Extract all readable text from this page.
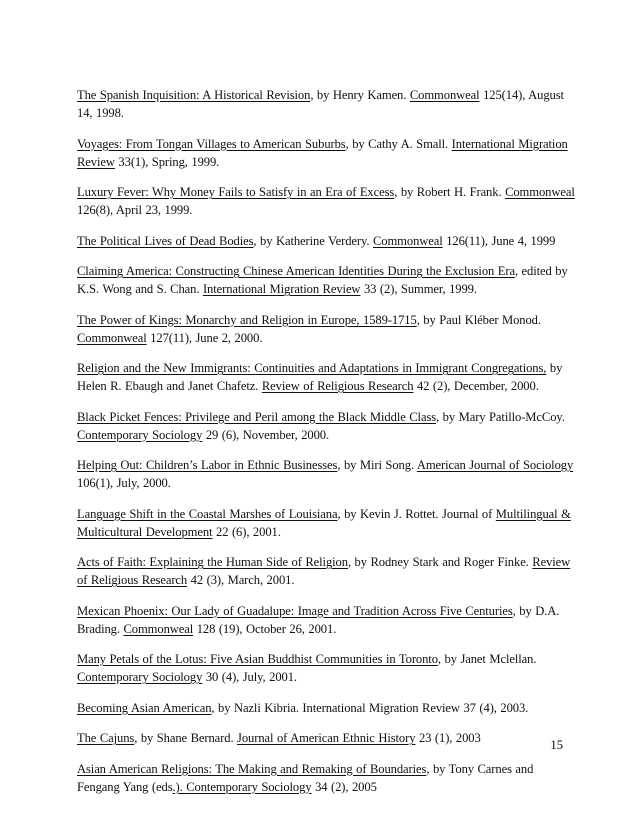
The Spanish Inquisition: A Historical Revision, by Henry Kamen. Commonweal 125(14), August 14, 1998.

Voyages: From Tongan Villages to American Suburbs, by Cathy A. Small. International Migration Review 33(1), Spring, 1999.

Luxury Fever: Why Money Fails to Satisfy in an Era of Excess, by Robert H. Frank. Commonweal 126(8), April 23, 1999.

The Political Lives of Dead Bodies, by Katherine Verdery. Commonweal 126(11), June 4, 1999

Claiming America: Constructing Chinese American Identities During the Exclusion Era, edited by K.S. Wong and S. Chan. International Migration Review 33 (2), Summer, 1999.

The Power of Kings: Monarchy and Religion in Europe, 1589-1715, by Paul Kléber Monod. Commonweal 127(11), June 2, 2000.

Religion and the New Immigrants: Continuities and Adaptations in Immigrant Congregations, by Helen R. Ebaugh and Janet Chafetz. Review of Religious Research 42 (2), December, 2000.

Black Picket Fences: Privilege and Peril among the Black Middle Class, by Mary Patillo-McCoy. Contemporary Sociology 29 (6), November, 2000.

Helping Out: Children’s Labor in Ethnic Businesses, by Miri Song. American Journal of Sociology 106(1), July, 2000.

Language Shift in the Coastal Marshes of Louisiana, by Kevin J. Rottet. Journal of Multilingual & Multicultural Development 22 (6), 2001.

Acts of Faith: Explaining the Human Side of Religion, by Rodney Stark and Roger Finke. Review of Religious Research 42 (3), March, 2001.

Mexican Phoenix: Our Lady of Guadalupe: Image and Tradition Across Five Centuries, by D.A. Brading. Commonweal 128 (19), October 26, 2001.

Many Petals of the Lotus: Five Asian Buddhist Communities in Toronto, by Janet Mclellan. Contemporary Sociology 30 (4), July, 2001.

Becoming Asian American, by Nazli Kibria. International Migration Review 37 (4), 2003.

The Cajuns, by Shane Bernard. Journal of American Ethnic History 23 (1), 2003

Asian American Religions: The Making and Remaking of Boundaries, by Tony Carnes and Fengang Yang (eds.). Contemporary Sociology 34 (2), 2005

15
